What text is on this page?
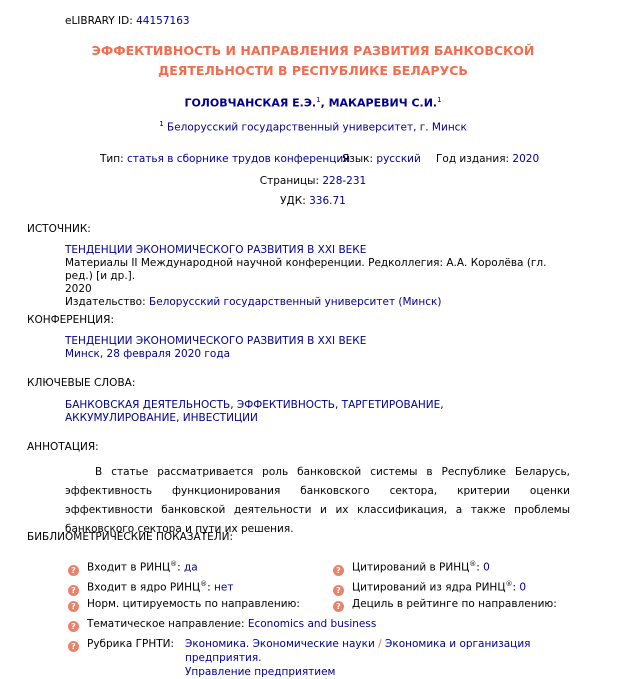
eLIBRARY ID: 44157163
ЭФФЕКТИВНОСТЬ И НАПРАВЛЕНИЯ РАЗВИТИЯ БАНКОВСКОЙ
ДЕЯТЕЛЬНОСТИ В РЕСПУБЛИКЕ БЕЛАРУСЬ
ГОЛОВЧАНСКАЯ Е.Э.$^1$, МАКАРЕВИЧ С.И.$^1$
$^1$ Белорусский государственный университет, г. Минск
Тип: статья в сборнике трудов конференции
Язык: русский Год издания: 2020
Страницы: 228-231
УДК: 336.71
ИСТОЧНИК:
ТЕНДЕНЦИИ ЭКОНОМИЧЕСКОГО РАЗВИТИЯ В XXI ВЕКЕ
Материалы II Международной научной конференции. Редколлегия: А.А. Королёва (гл. ред.) [и др.].
2020
Издательство: Белорусский государственный университет (Минск)
КОНФЕРЕНЦИЯ:
ТЕНДЕНЦИИ ЭКОНОМИЧЕСКОГО РАЗВИТИЯ В XXI ВЕКЕ
Минск, 28 февраля 2020 года
КЛЮЧЕВЫЕ СЛОВА:
БАНКОВСКАЯ ДЕЯТЕЛЬНОСТЬ, ЭФФЕКТИВНОСТЬ, ТАРГЕТИРОВАНИЕ, АККУМУЛИРОВАНИЕ, ИНВЕСТИЦИИ
АННОТАЦИЯ:

В статье рассматривается роль банковской системы в Республике Беларусь, эффективность функционирования банковского сектора, критерии оценки эффективности банковской деятельности и их классификация, а также проблемы банковского сектора и пути их решения.

БИБЛИОМЕТРИЧЕСКИЕ ПОКАЗАТЕЛИ:
? Входит в РИНЦ®: да	? Цитирований в РИНЦ®: 0
? Входит в ядро РИНЦ®: нет	? Цитирований из ядра РИНЦ®: 0
? Норм. цитируемость по направлению:	? Дециль в рейтинге по направлению:
? Тематическое направление: Economics and business
? Рубрика ГРНТИ: Экономика. Экономические науки / Экономика и организация предприятия.
Управление предприятием
